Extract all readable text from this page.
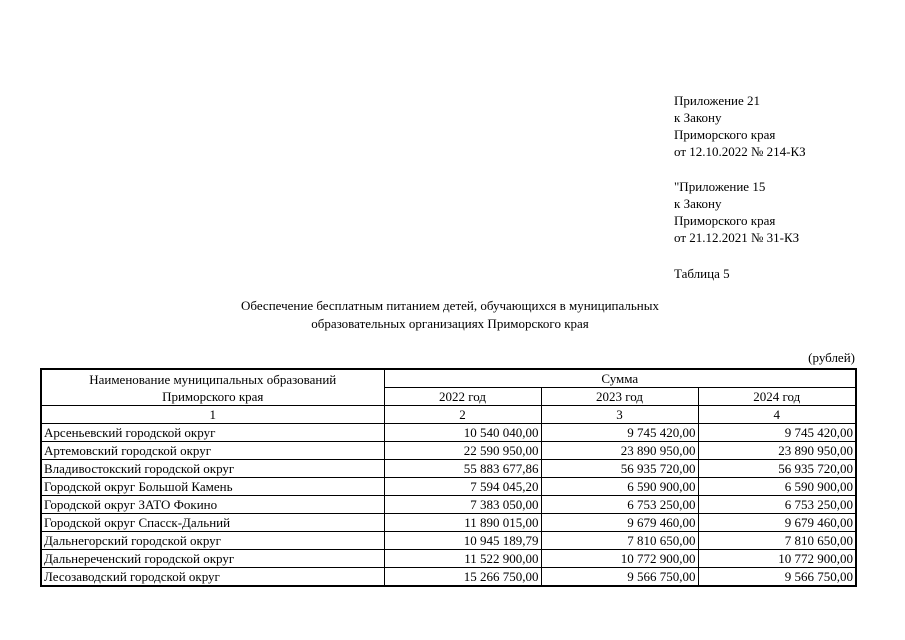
Приложение 21
к Закону
Приморского края
от 12.10.2022 № 214-КЗ
"Приложение 15
к Закону
Приморского края
от 21.12.2021 № 31-КЗ
Таблица 5
Обеспечение бесплатным питанием детей, обучающихся в муниципальных
образовательных организациях Приморского края
(рублей)
Наименование муниципальных образований
Приморского края	Сумма		
	2022 год	2023 год	2024 год
1	2	3	4
Арсеньевский городской округ	10 540 040,00	9 745 420,00	9 745 420,00
Артемовский городской округ	22 590 950,00	23 890 950,00	23 890 950,00
Владивостокский городской округ	55 883 677,86	56 935 720,00	56 935 720,00
Городской округ Большой Камень	7 594 045,20	6 590 900,00	6 590 900,00
Городской округ ЗАТО Фокино	7 383 050,00	6 753 250,00	6 753 250,00
Городской округ Спасск-Дальний	11 890 015,00	9 679 460,00	9 679 460,00
Дальнегорский городской округ	10 945 189,79	7 810 650,00	7 810 650,00
Дальнереченский городской округ	11 522 900,00	10 772 900,00	10 772 900,00
Лесозаводский городской округ	15 266 750,00	9 566 750,00	9 566 750,00
